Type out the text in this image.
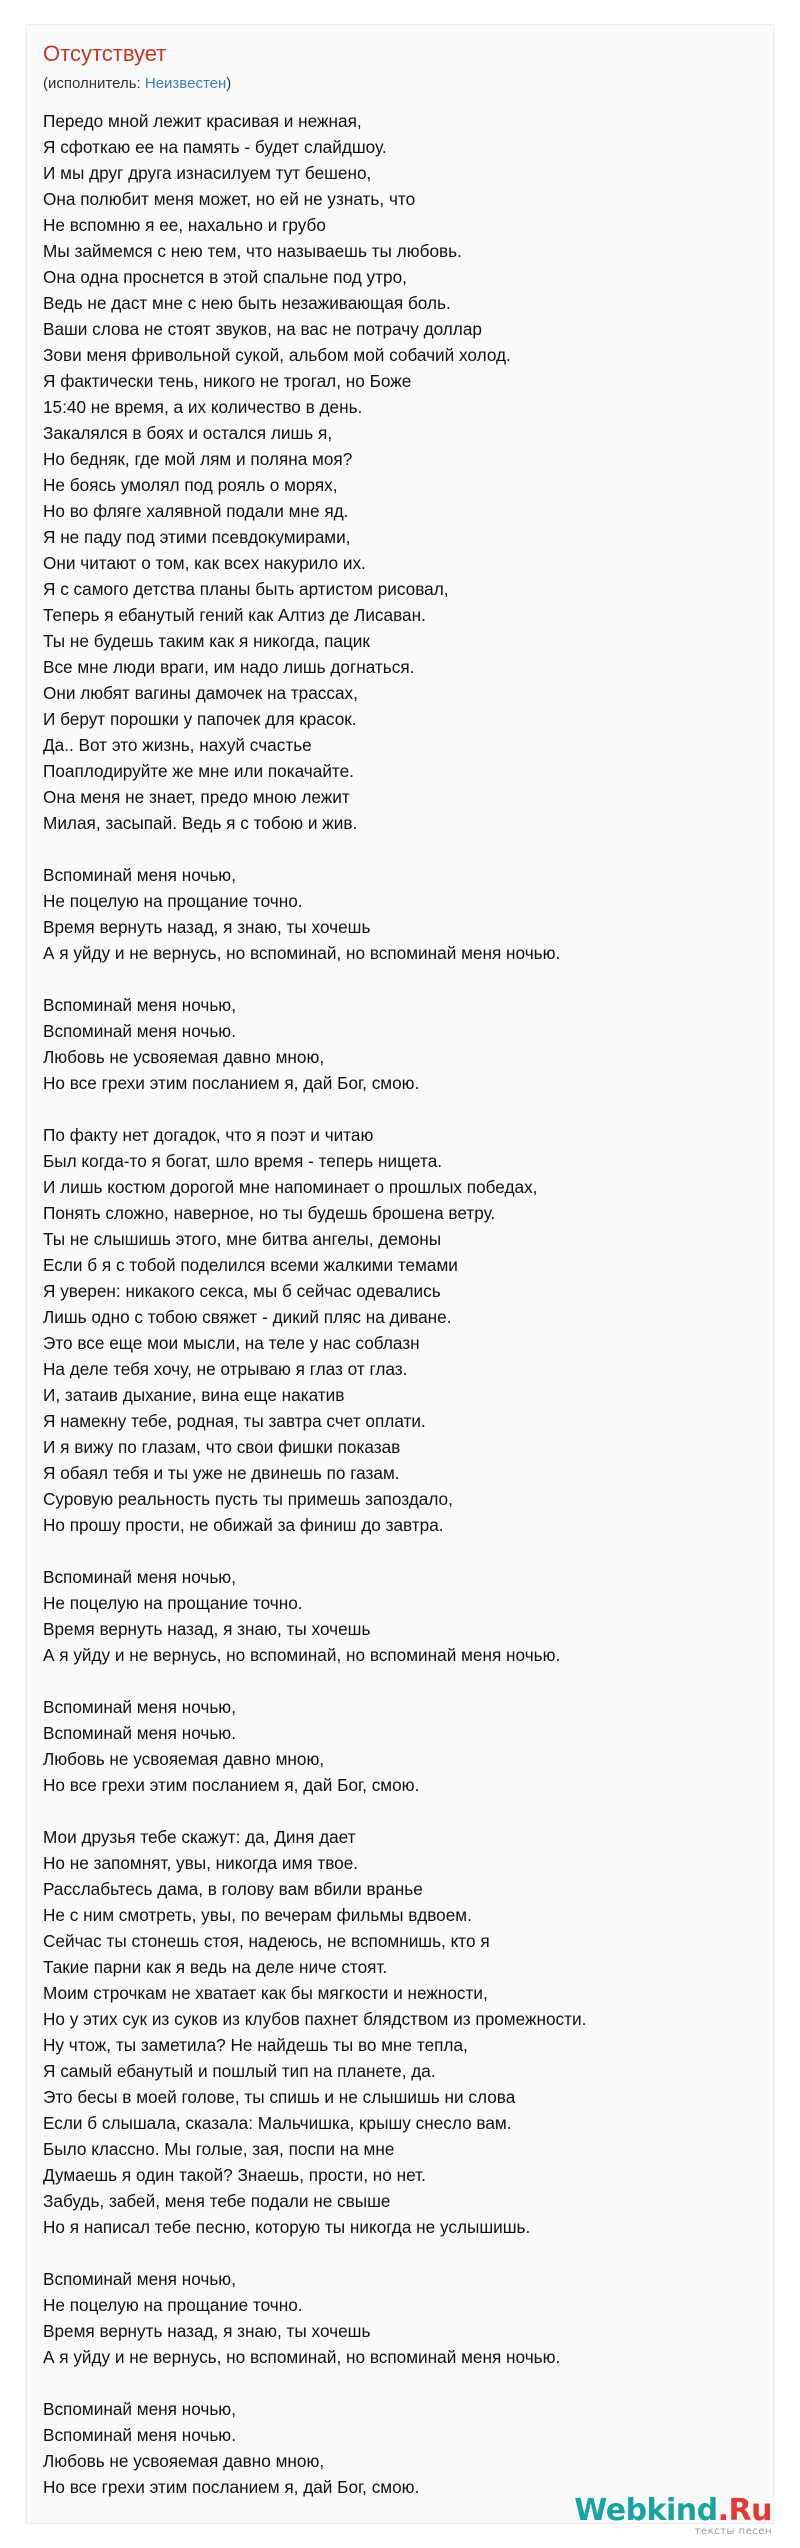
Отсутствует
(исполнитель: Неизвестен)
Передо мной лежит красивая и нежная,
Я сфоткаю ее на память - будет слайдшоу.
И мы друг друга изнасилуем тут бешено,
Она полюбит меня может, но ей не узнать, что
Не вспомню я ее, нахально и грубо
Мы займемся с нею тем, что называешь ты любовь.
Она одна проснется в этой спальне под утро,
Ведь не даст мне с нею быть незаживающая боль.
Ваши слова не стоят звуков, на вас не потрачу доллар
Зови меня фривольной сукой, альбом мой собачий холод.
Я фактически тень, никого не трогал, но Боже
15:40 не время, а их количество в день.
Закалялся в боях и остался лишь я,
Но бедняк, где мой лям и поляна моя?
Не боясь умолял под рояль о морях,
Но во фляге халявной подали мне яд.
Я не паду под этими псевдокумирами,
Они читают о том, как всех накурило их.
Я с самого детства планы быть артистом рисовал,
Теперь я ебанутый гений как Алтиз де Лисаван.
Ты не будешь таким как я никогда, пацик
Все мне люди враги, им надо лишь догнаться.
Они любят вагины дамочек на трассах,
И берут порошки у папочек для красок.
Да.. Вот это жизнь, нахуй счастье
Поаплодируйте же мне или покачайте.
Она меня не знает, предо мною лежит
Милая, засыпай. Ведь я с тобою и жив.
Вспоминай меня ночью,
Не поцелую на прощание точно.
Время вернуть назад, я знаю, ты хочешь
А я уйду и не вернусь, но вспоминай, но вспоминай меня ночью.
Вспоминай меня ночью,
Вспоминай меня ночью.
Любовь не усвояемая давно мною,
Но все грехи этим посланием я, дай Бог, смою.
По факту нет догадок, что я поэт и читаю
Был когда-то я богат, шло время - теперь нищета.
И лишь костюм дорогой мне напоминает о прошлых победах,
Понять сложно, наверное, но ты будешь брошена ветру.
Ты не слышишь этого, мне битва ангелы, демоны
Если б я с тобой поделился всеми жалкими темами
Я уверен: никакого секса, мы б сейчас одевались
Лишь одно с тобою свяжет - дикий пляс на диване.
Это все еще мои мысли, на теле у нас соблазн
На деле тебя хочу, не отрываю я глаз от глаз.
И, затаив дыхание, вина еще накатив
Я намекну тебе, родная, ты завтра счет оплати.
И я вижу по глазам, что свои фишки показав
Я обаял тебя и ты уже не двинешь по газам.
Суровую реальность пусть ты примешь запоздало,
Но прошу прости, не обижай за финиш до завтра.
Вспоминай меня ночью,
Не поцелую на прощание точно.
Время вернуть назад, я знаю, ты хочешь
А я уйду и не вернусь, но вспоминай, но вспоминай меня ночью.
Вспоминай меня ночью,
Вспоминай меня ночью.
Любовь не усвояемая давно мною,
Но все грехи этим посланием я, дай Бог, смою.
Мои друзья тебе скажут: да, Диня дает
Но не запомнят, увы, никогда имя твое.
Расслабьтесь дама, в голову вам вбили вранье
Не с ним смотреть, увы, по вечерам фильмы вдвоем.
Сейчас ты стонешь стоя, надеюсь, не вспомнишь, кто я
Такие парни как я ведь на деле ниче стоят.
Моим строчкам не хватает как бы мягкости и нежности,
Но у этих сук из суков из клубов пахнет блядством из промежности.
Ну чтож, ты заметила? Не найдешь ты во мне тепла,
Я самый ебанутый и пошлый тип на планете, да.
Это бесы в моей голове, ты спишь и не слышишь ни слова
Если б слышала, сказала: Мальчишка, крышу снесло вам.
Было классно. Мы голые, зая, поспи на мне
Думаешь я один такой? Знаешь, прости, но нет.
Забудь, забей, меня тебе подали не свыше
Но я написал тебе песню, которую ты никогда не услышишь.
Вспоминай меня ночью,
Не поцелую на прощание точно.
Время вернуть назад, я знаю, ты хочешь
А я уйду и не вернусь, но вспоминай, но вспоминай меня ночью.
Вспоминай меня ночью,
Вспоминай меня ночью.
Любовь не усвояемая давно мною,
Но все грехи этим посланием я, дай Бог, смою.
Webkind.Ru
тексты песен
